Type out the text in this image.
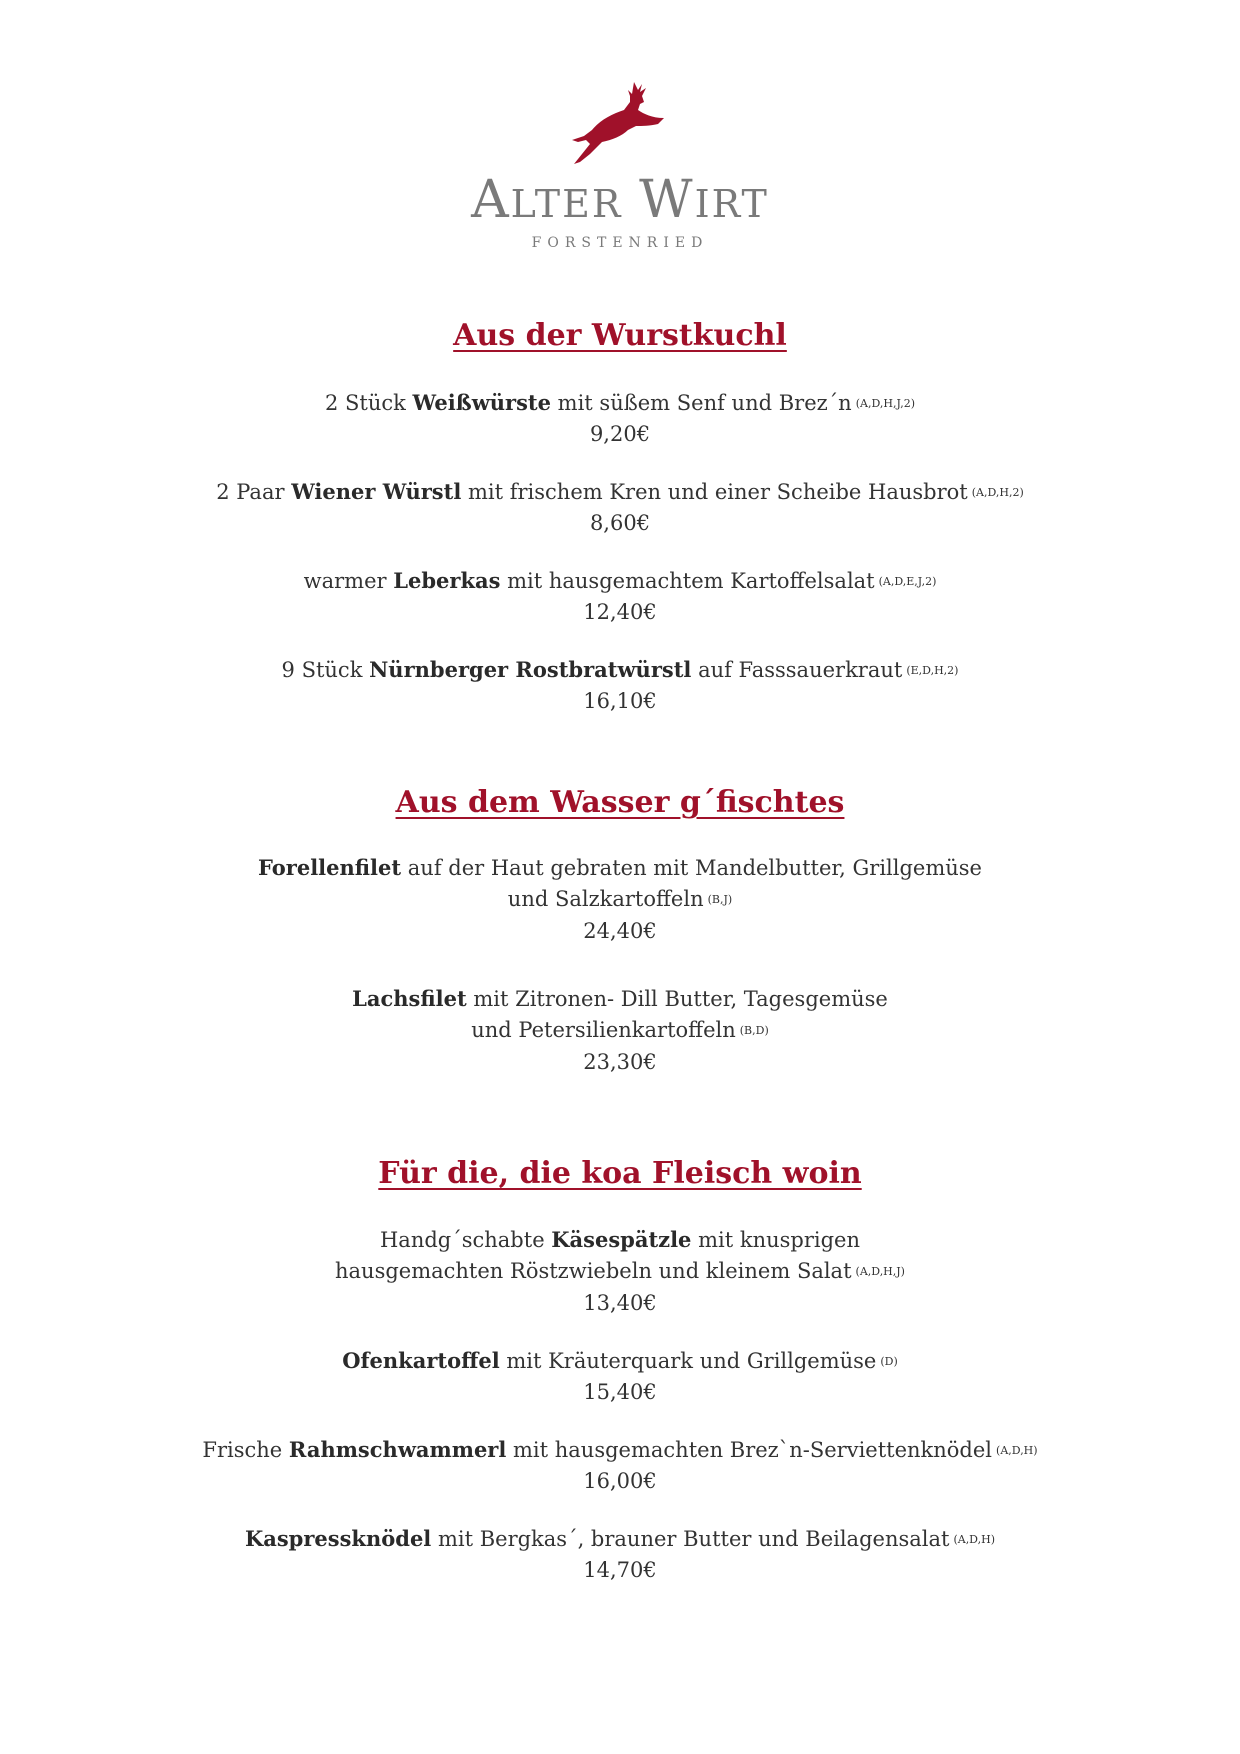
ALTER WIRT
FORSTENRIED
Aus der Wurstkuchl
2 Stück Weißwürste mit süßem Senf und Brez´n (A,D,H,J,2)
9,20€
2 Paar Wiener Würstl mit frischem Kren und einer Scheibe Hausbrot (A,D,H,2)
8,60€
warmer Leberkas mit hausgemachtem Kartoffelsalat (A,D,E,J,2)
12,40€
9 Stück Nürnberger Rostbratwürstl auf Fasssauerkraut (E,D,H,2)
16,10€
Aus dem Wasser g´fischtes
Forellenfilet auf der Haut gebraten mit Mandelbutter, Grillgemüse
und Salzkartoffeln (B,J)
24,40€
Lachsfilet mit Zitronen- Dill Butter, Tagesgemüse
und Petersilienkartoffeln (B,D)
23,30€
Für die, die koa Fleisch woin
Handg´schabte Käsespätzle mit knusprigen
hausgemachten Röstzwiebeln und kleinem Salat (A,D,H,J)
13,40€
Ofenkartoffel mit Kräuterquark und Grillgemüse (D)
15,40€
Frische Rahmschwammerl mit hausgemachten Brez`n-Serviettenknödel (A,D,H)
16,00€
Kaspressknödel mit Bergkas´, brauner Butter und Beilagensalat (A,D,H)
14,70€
